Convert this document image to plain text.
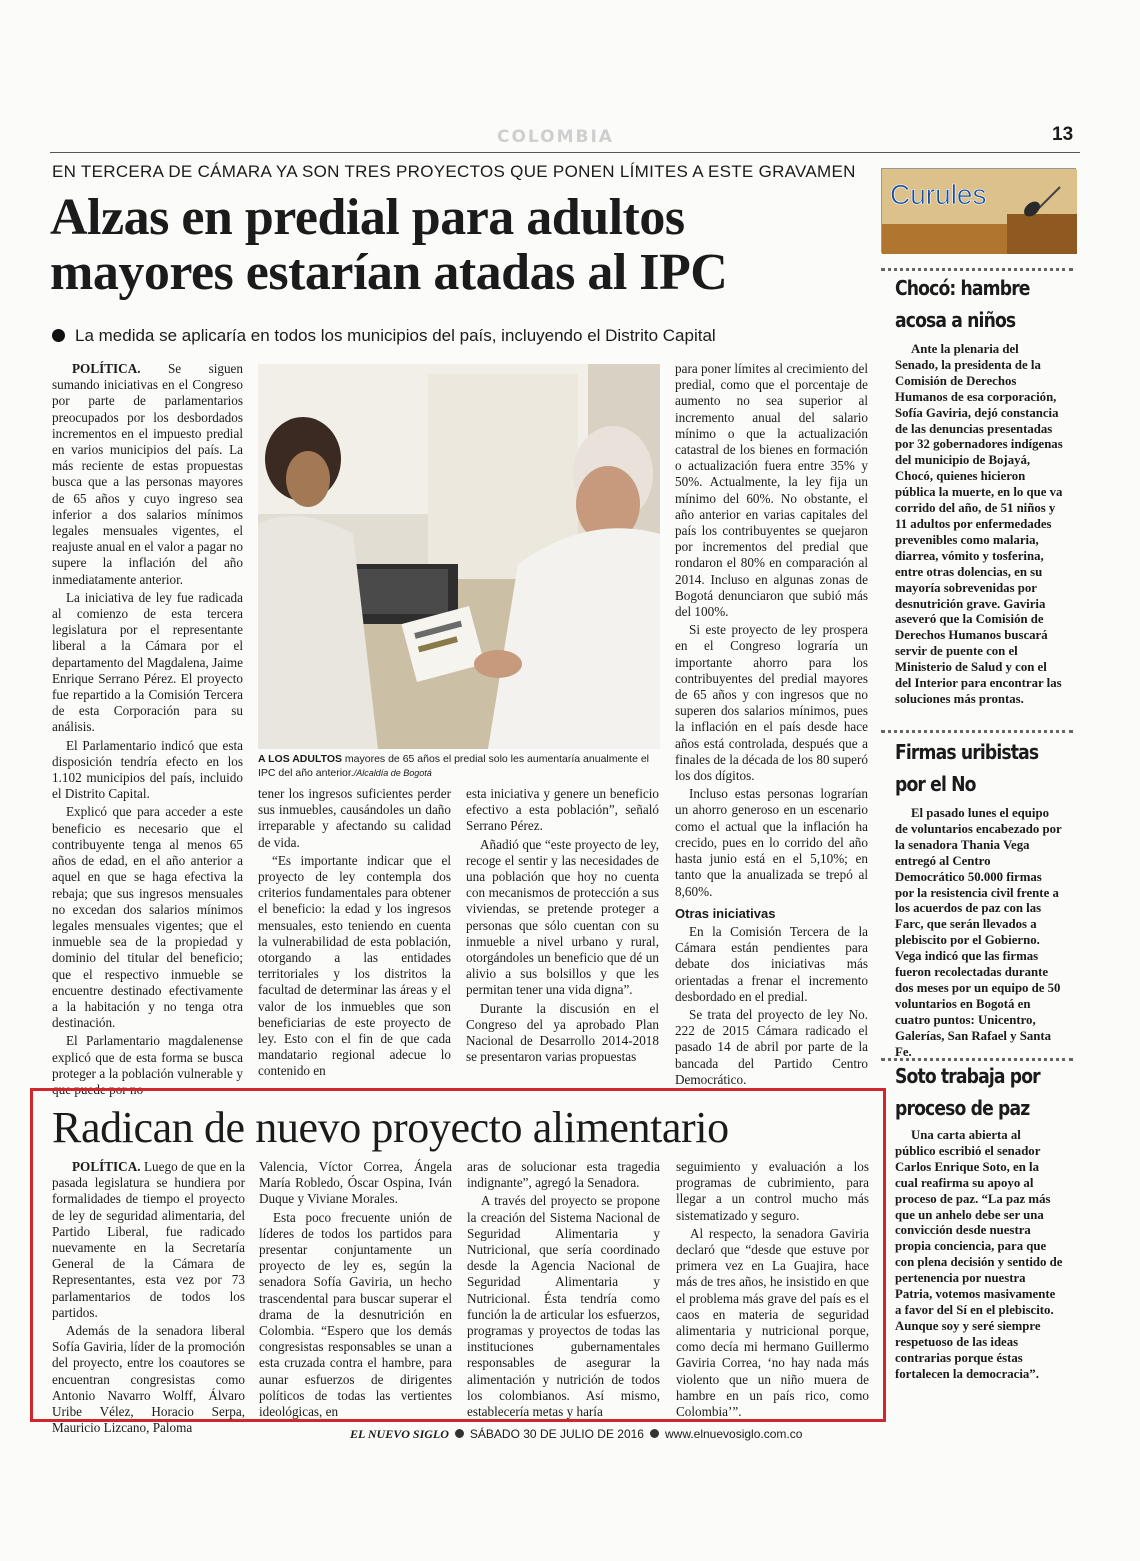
COLOMBIA	13
EN TERCERA DE CÁMARA YA SON TRES PROYECTOS QUE PONEN LÍMITES A ESTE GRAVAMEN
Alzas en predial para adultos
mayores estarían atadas al IPC
La medida se aplicaría en todos los municipios del país, incluyendo el Distrito Capital

POLÍTICA. Se siguen sumando iniciativas en el Congreso por parte de parlamentarios preocupados por los desbordados incrementos en el impuesto predial en varios municipios del país. La más reciente de estas propuestas busca que a las personas mayores de 65 años y cuyo ingreso sea inferior a dos salarios mínimos legales mensuales vigentes, el reajuste anual en el valor a pagar no supere la inflación del año inmediatamente anterior.

La iniciativa de ley fue radicada al comienzo de esta tercera legislatura por el representante liberal a la Cámara por el departamento del Magdalena, Jaime Enrique Serrano Pérez. El proyecto fue repartido a la Comisión Tercera de esta Corporación para su análisis.

El Parlamentario indicó que esta disposición tendría efecto en los 1.102 municipios del país, incluido el Distrito Capital.

Explicó que para acceder a este beneficio es necesario que el contribuyente tenga al menos 65 años de edad, en el año anterior a aquel en que se haga efectiva la rebaja; que sus ingresos mensuales no excedan dos salarios mínimos legales mensuales vigentes; que el inmueble sea de la propiedad y dominio del titular del beneficio; que el respectivo inmueble se encuentre destinado efectivamente a la habitación y no tenga otra destinación.

El Parlamentario magdalenense explicó que de esta forma se busca proteger a la población vulnerable y que puede por no

A LOS ADULTOS mayores de 65 años el predial solo les aumentaría anualmente el IPC del año anterior./Alcaldía de Bogotá

tener los ingresos suficientes perder sus inmuebles, causándoles un daño irreparable y afectando su calidad de vida.

“Es importante indicar que el proyecto de ley contempla dos criterios fundamentales para obtener el beneficio: la edad y los ingresos mensuales, esto teniendo en cuenta la vulnerabilidad de esta población, otorgando a las entidades territoriales y los distritos la facultad de determinar las áreas y el valor de los inmuebles que son beneficiarias de este proyecto de ley. Esto con el fin de que cada mandatario regional adecue lo contenido en

esta iniciativa y genere un beneficio efectivo a esta población”, señaló Serrano Pérez.

Añadió que “este proyecto de ley, recoge el sentir y las necesidades de una población que hoy no cuenta con mecanismos de protección a sus viviendas, se pretende proteger a personas que sólo cuentan con su inmueble a nivel urbano y rural, otorgándoles un beneficio que dé un alivio a sus bolsillos y que les permitan tener una vida digna”.

Durante la discusión en el Congreso del ya aprobado Plan Nacional de Desarrollo 2014-2018 se presentaron varias propuestas

para poner límites al crecimiento del predial, como que el porcentaje de aumento no sea superior al incremento anual del salario mínimo o que la actualización catastral de los bienes en formación o actualización fuera entre 35% y 50%. Actualmente, la ley fija un mínimo del 60%. No obstante, el año anterior en varias capitales del país los contribuyentes se quejaron por incrementos del predial que rondaron el 80% en comparación al 2014. Incluso en algunas zonas de Bogotá denunciaron que subió más del 100%.

Si este proyecto de ley prospera en el Congreso lograría un importante ahorro para los contribuyentes del predial mayores de 65 años y con ingresos que no superen dos salarios mínimos, pues la inflación en el país desde hace años está controlada, después que a finales de la década de los 80 superó los dos dígitos.

Incluso estas personas lograrían un ahorro generoso en un escenario como el actual que la inflación ha crecido, pues en lo corrido del año hasta junio está en el 5,10%; en tanto que la anualizada se trepó al 8,60%.

Otras iniciativas

En la Comisión Tercera de la Cámara están pendientes para debate dos iniciativas más orientadas a frenar el incremento desbordado en el predial.

Se trata del proyecto de ley No. 222 de 2015 Cámara radicado el pasado 14 de abril por parte de la bancada del Partido Centro Democrático.

Curules
Chocó: hambre
acosa a niños
Ante la plenaria del Senado, la presidenta de la Comisión de Derechos Humanos de esa corporación, Sofía Gaviria, dejó constancia de las denuncias presentadas por 32 gobernadores indígenas del municipio de Bojayá, Chocó, quienes hicieron pública la muerte, en lo que va corrido del año, de 51 niños y 11 adultos por enfermedades prevenibles como malaria, diarrea, vómito y tosferina, entre otras dolencias, en su mayoría sobrevenidas por desnutrición grave. Gaviria aseveró que la Comisión de Derechos Humanos buscará servir de puente con el Ministerio de Salud y con el del Interior para encontrar las soluciones más prontas.
Firmas uribistas
por el No
El pasado lunes el equipo de voluntarios encabezado por la senadora Thania Vega entregó al Centro Democrático 50.000 firmas por la resistencia civil frente a los acuerdos de paz con las Farc, que serán llevados a plebiscito por el Gobierno. Vega indicó que las firmas fueron recolectadas durante dos meses por un equipo de 50 voluntarios en Bogotá en cuatro puntos: Unicentro, Galerías, San Rafael y Santa Fe.
Soto trabaja por
proceso de paz
Una carta abierta al público escribió el senador Carlos Enrique Soto, en la cual reafirma su apoyo al proceso de paz. “La paz más que un anhelo debe ser una convicción desde nuestra propia conciencia, para que con plena decisión y sentido de pertenencia por nuestra Patria, votemos masivamente a favor del Sí en el plebiscito. Aunque soy y seré siempre respetuoso de las ideas contrarias porque éstas fortalecen la democracia”.
Radican de nuevo proyecto alimentario

POLÍTICA. Luego de que en la pasada legislatura se hundiera por formalidades de tiempo el proyecto de ley de seguridad alimentaria, del Partido Liberal, fue radicado nuevamente en la Secretaría General de la Cámara de Representantes, esta vez por 73 parlamentarios de todos los partidos.

Además de la senadora liberal Sofía Gaviria, líder de la promoción del proyecto, entre los coautores se encuentran congresistas como Antonio Navarro Wolff, Álvaro Uribe Vélez, Horacio Serpa, Mauricio Lizcano, Paloma

Valencia, Víctor Correa, Ángela María Robledo, Óscar Ospina, Iván Duque y Viviane Morales.

Esta poco frecuente unión de líderes de todos los partidos para presentar conjuntamente un proyecto de ley es, según la senadora Sofía Gaviria, un hecho trascendental para buscar superar el drama de la desnutrición en Colombia. “Espero que los demás congresistas responsables se unan a esta cruzada contra el hambre, para aunar esfuerzos de dirigentes políticos de todas las vertientes ideológicas, en

aras de solucionar esta tragedia indignante”, agregó la Senadora.

A través del proyecto se propone la creación del Sistema Nacional de Seguridad Alimentaria y Nutricional, que sería coordinado desde la Agencia Nacional de Seguridad Alimentaria y Nutricional. Ésta tendría como función la de articular los esfuerzos, programas y proyectos de todas las instituciones gubernamentales responsables de asegurar la alimentación y nutrición de todos los colombianos. Así mismo, establecería metas y haría

seguimiento y evaluación a los programas de cubrimiento, para llegar a un control mucho más sistematizado y seguro.

Al respecto, la senadora Gaviria declaró que “desde que estuve por primera vez en La Guajira, hace más de tres años, he insistido en que el problema más grave del país es el caos en materia de seguridad alimentaria y nutricional porque, como decía mi hermano Guillermo Gaviria Correa, ‘no hay nada más violento que un niño muera de hambre en un país rico, como Colombia’”.

EL NUEVO SIGLO SÁBADO 30 DE JULIO DE 2016 www.elnuevosiglo.com.co
